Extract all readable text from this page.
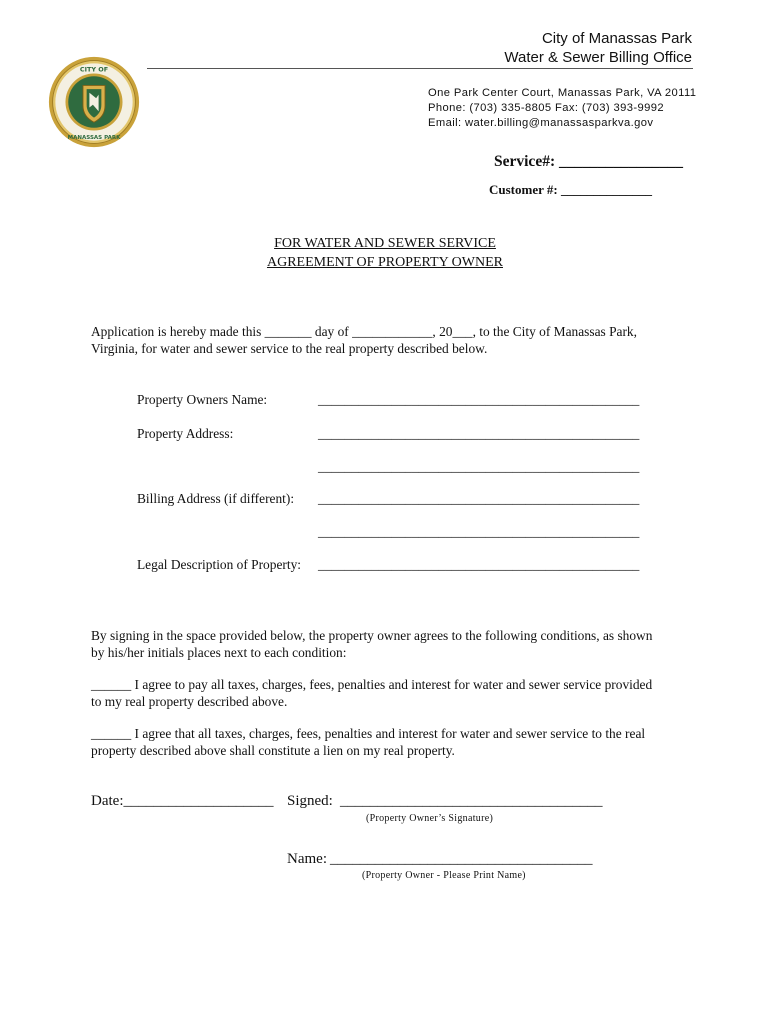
CITY OF
MANASSAS PARK
City of Manassas Park
Water & Sewer Billing Office
One Park Center Court, Manassas Park, VA 20111
Phone: (703) 335-8805 Fax: (703) 393-9992
Email: water.billing@manassasparkva.gov
Service#: ________________
Customer #: ______________
FOR WATER AND SEWER SERVICE
AGREEMENT OF PROPERTY OWNER
Application is hereby made this _______ day of ____________, 20___, to the City of Manassas Park,
Virginia, for water and sewer service to the real property described below.
Property Owners Name:	________________________________________________
Property Address:	________________________________________________
________________________________________________
Billing Address (if different): ________________________________________________
________________________________________________
Legal Description of Property: ________________________________________________
By signing in the space provided below, the property owner agrees to the following conditions, as shown
by his/her initials places next to each condition:
______ I agree to pay all taxes, charges, fees, penalties and interest for water and sewer service provided
to my real property described above.
______ I agree that all taxes, charges, fees, penalties and interest for water and sewer service to the real
property described above shall constitute a lien on my real property.
Date:____________________ Signed: ___________________________________
(Property Owner’s Signature)
Name: ___________________________________
(Property Owner - Please Print Name)
